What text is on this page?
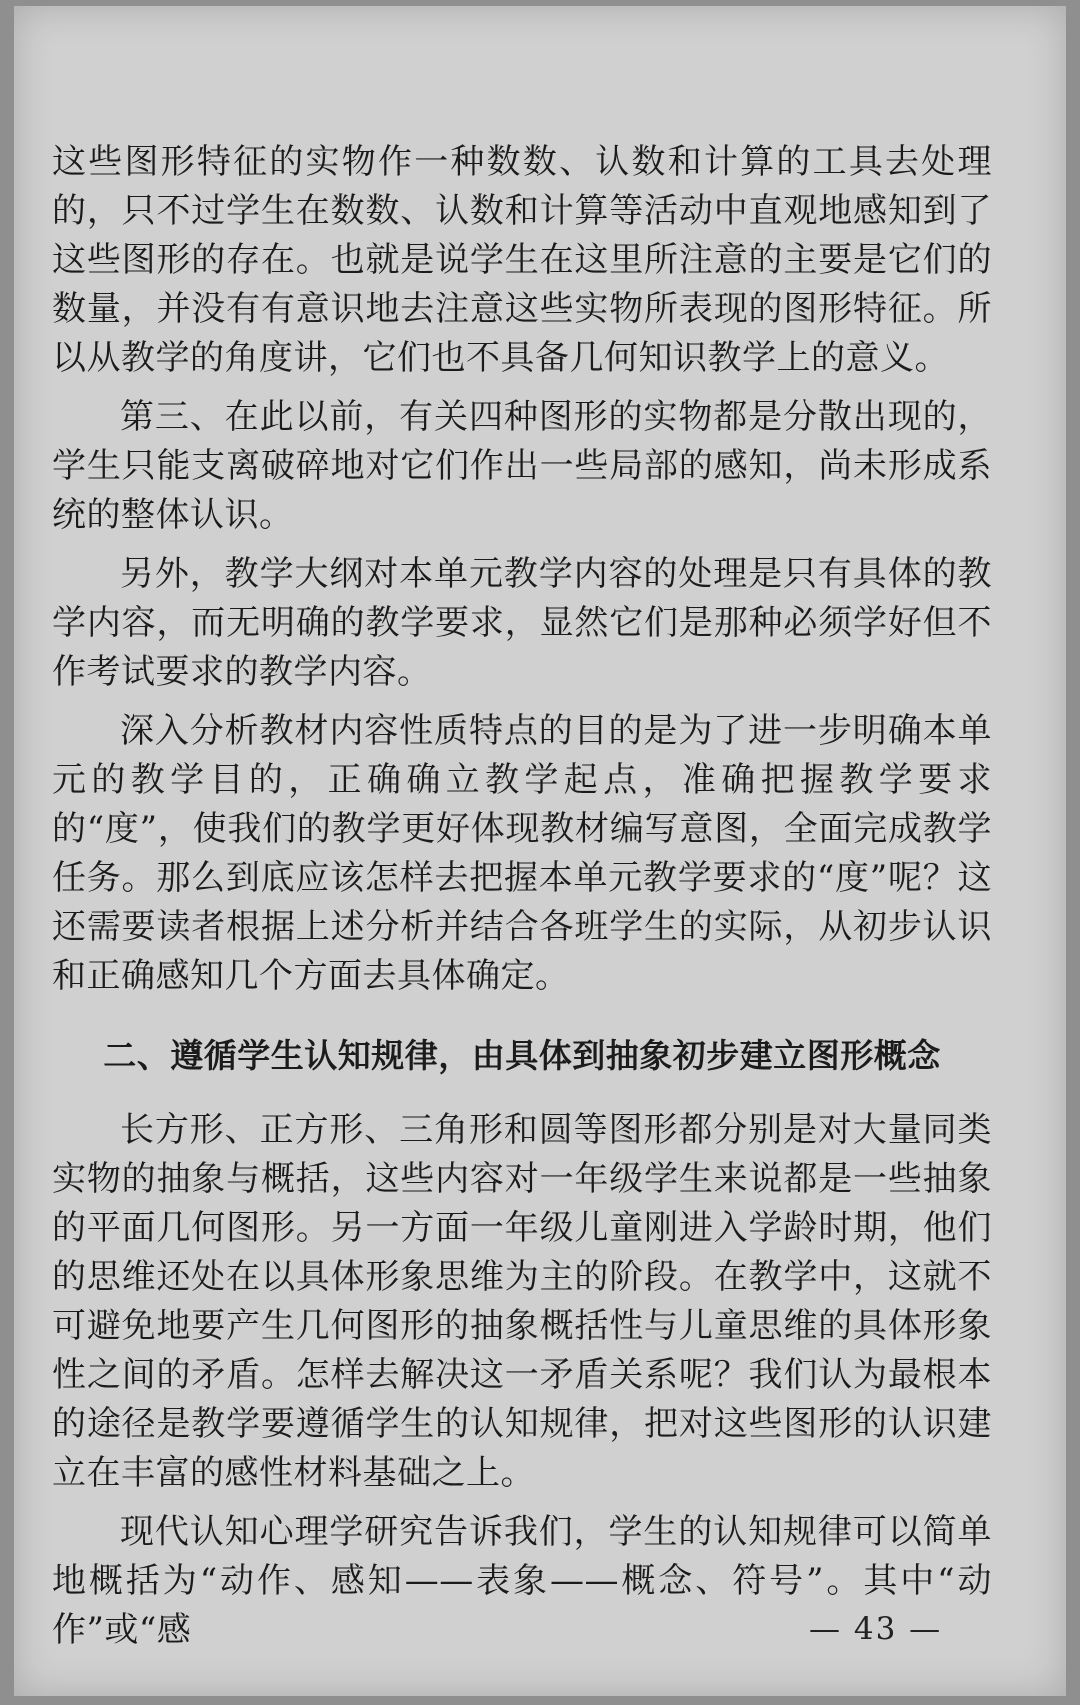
这些图形特征的实物作一种数数、认数和计算的工具去处理的，只不过学生在数数、认数和计算等活动中直观地感知到了这些图形的存在。也就是说学生在这里所注意的主要是它们的数量，并没有有意识地去注意这些实物所表现的图形特征。所以从教学的角度讲，它们也不具备几何知识教学上的意义。

第三、在此以前，有关四种图形的实物都是分散出现的，学生只能支离破碎地对它们作出一些局部的感知，尚未形成系统的整体认识。

另外，教学大纲对本单元教学内容的处理是只有具体的教学内容，而无明确的教学要求，显然它们是那种必须学好但不作考试要求的教学内容。

深入分析教材内容性质特点的目的是为了进一步明确本单元的教学目的，正确确立教学起点，准确把握教学要求的“度”，使我们的教学更好体现教材编写意图，全面完成教学任务。那么到底应该怎样去把握本单元教学要求的“度”呢？这还需要读者根据上述分析并结合各班学生的实际，从初步认识和正确感知几个方面去具体确定。

二、遵循学生认知规律，由具体到抽象初步建立图形概念

长方形、正方形、三角形和圆等图形都分别是对大量同类实物的抽象与概括，这些内容对一年级学生来说都是一些抽象的平面几何图形。另一方面一年级儿童刚进入学龄时期，他们的思维还处在以具体形象思维为主的阶段。在教学中，这就不可避免地要产生几何图形的抽象概括性与儿童思维的具体形象性之间的矛盾。怎样去解决这一矛盾关系呢？我们认为最根本的途径是教学要遵循学生的认知规律，把对这些图形的认识建立在丰富的感性材料基础之上。

现代认知心理学研究告诉我们，学生的认知规律可以简单地概括为“动作、感知——表象——概念、符号”。其中“动作”或“感	— 43 —
